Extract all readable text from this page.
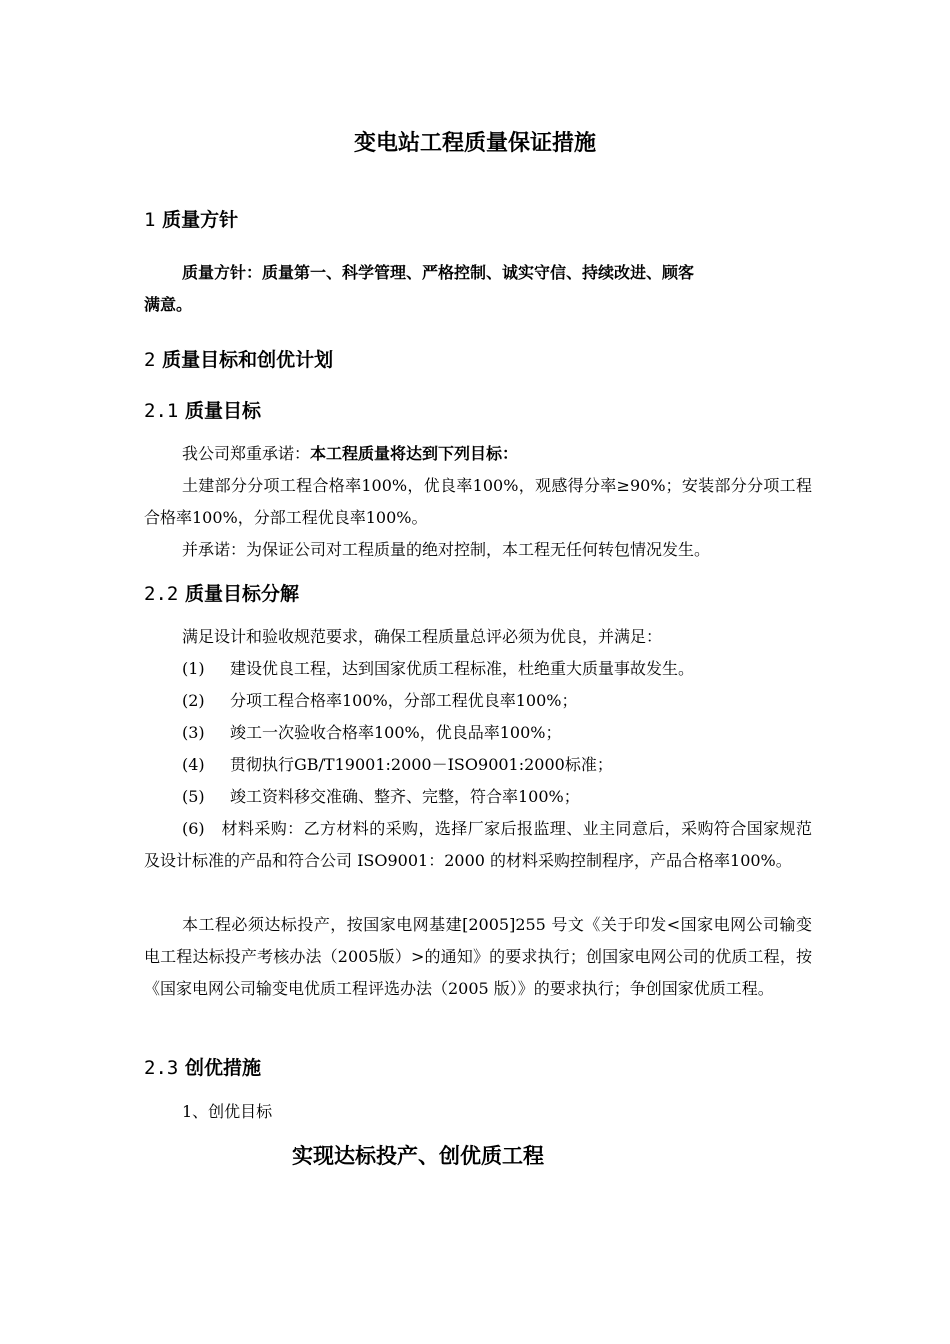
变电站工程质量保证措施
1 质量方针
质量方针：质量第一、科学管理、严格控制、诚实守信、持续改进、顾客
满意。
2 质量目标和创优计划
2.1 质量目标
我公司郑重承诺：本工程质量将达到下列目标：
土建部分分项工程合格率100%，优良率100%，观感得分率≥90%；安装部分分项工程合格率100%，分部工程优良率100%。
并承诺：为保证公司对工程质量的绝对控制，本工程无任何转包情况发生。
2.2 质量目标分解
满足设计和验收规范要求，确保工程质量总评必须为优良，并满足：
(1) 建设优良工程，达到国家优质工程标准，杜绝重大质量事故发生。
(2) 分项工程合格率100%，分部工程优良率100%；
(3) 竣工一次验收合格率100%，优良品率100%；
(4) 贯彻执行GB/T19001:2000－ISO9001:2000标准；
(5) 竣工资料移交准确、整齐、完整，符合率100%；
(6)　材料采购：乙方材料的采购，选择厂家后报监理、业主同意后，采购符合国家规范及设计标准的产品和符合公司 ISO9001：2000 的材料采购控制程序，产品合格率100%。
本工程必须达标投产，按国家电网基建[2005]255 号文《关于印发<国家电网公司输变电工程达标投产考核办法（2005版）>的通知》的要求执行；创国家电网公司的优质工程，按《国家电网公司输变电优质工程评选办法（2005 版）》的要求执行；争创国家优质工程。
2.3 创优措施
1、创优目标
实现达标投产、创优质工程
